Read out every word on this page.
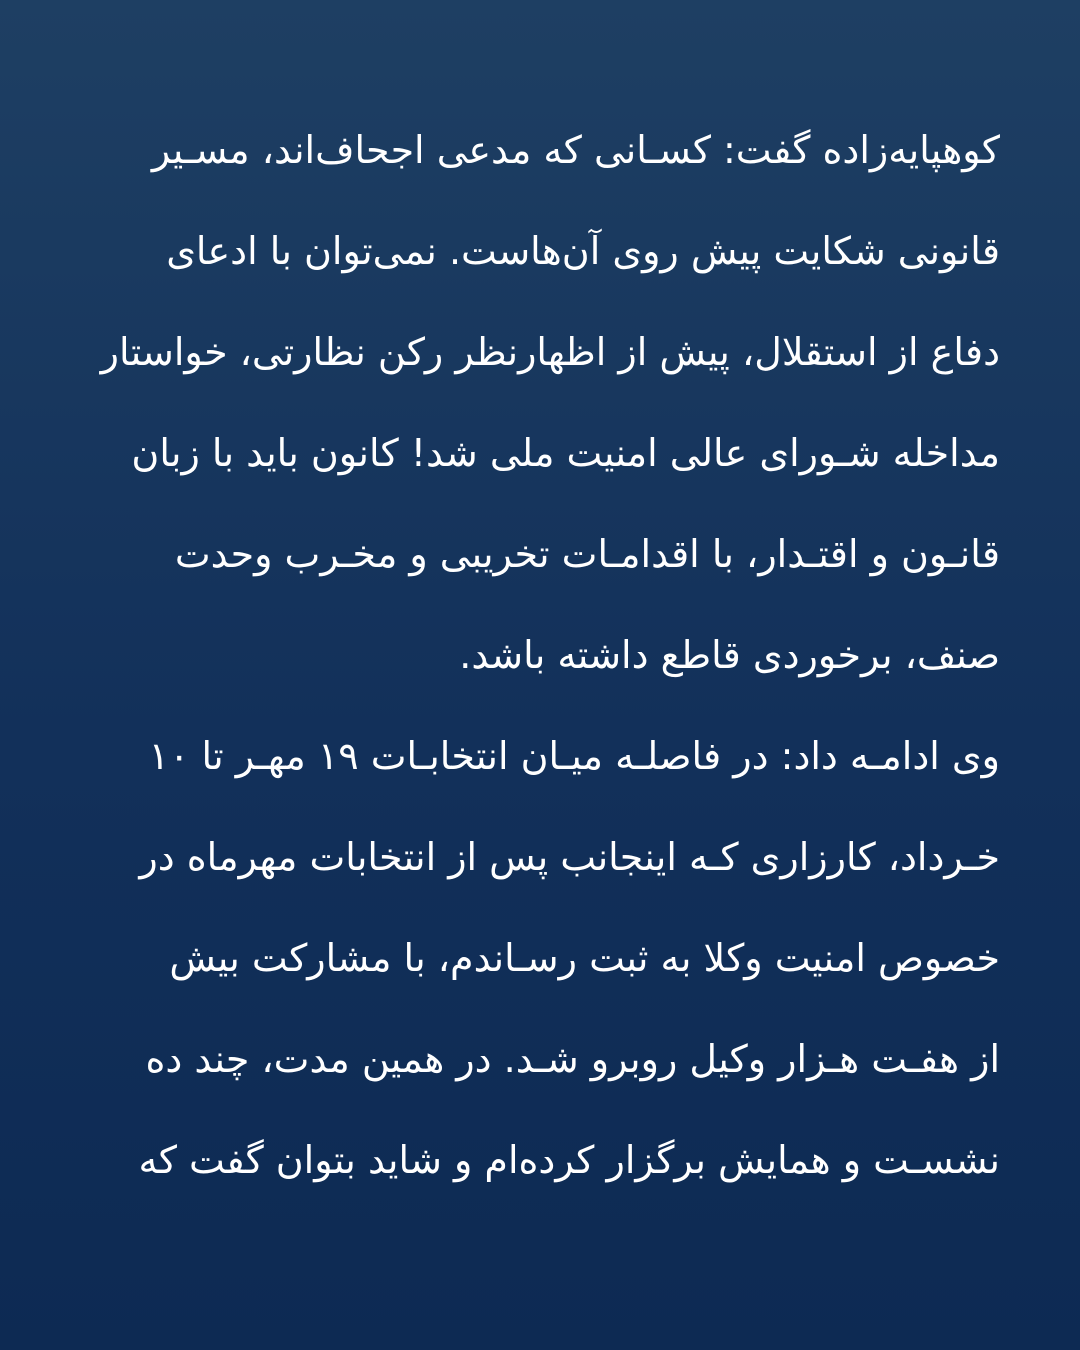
کوهپایه‌زاده گفت: کسـانی که مدعی اجحاف‌اند، مسـیر
قانونی شکایت پیش روی آن‌هاست. نمی‌توان با ادعای
دفاع از استقلال، پیش از اظهارنظر رکن نظارتی، خواستار
مداخله شـورای عالی امنیت ملی شد! کانون باید با زبان
قانـون و اقتـدار، با اقدامـات تخریبی و مخـرب وحدت
صنف، برخوردی قاطع داشته باشد.

وی ادامـه داد: در فاصلـه میـان انتخابـات ۱۹ مهـر تا ۱۰
خـرداد، کارزاری کـه اینجانب پس از انتخابات مهرماه در
خصوص امنیت وکلا به ثبت رسـاندم، با مشارکت بیش
از هفـت هـزار وکیل روبرو شـد. در همین مدت، چند ده
نشسـت و همایش برگزار کرده‌ام و شاید بتوان گفت که
